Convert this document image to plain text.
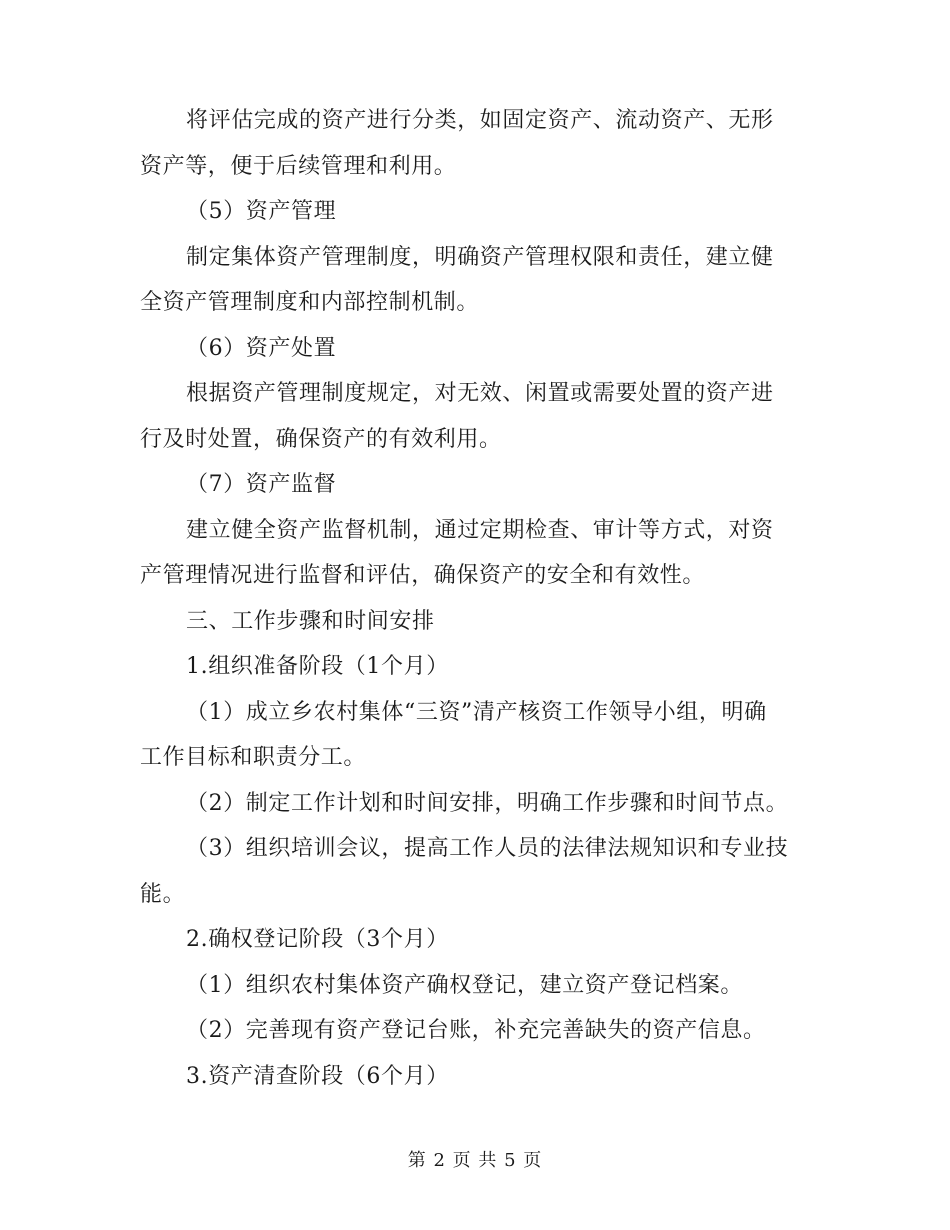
将评估完成的资产进行分类，如固定资产、流动资产、无形
资产等，便于后续管理和利用。
（5）资产管理
制定集体资产管理制度，明确资产管理权限和责任，建立健
全资产管理制度和内部控制机制。
（6）资产处置
根据资产管理制度规定，对无效、闲置或需要处置的资产进
行及时处置，确保资产的有效利用。
（7）资产监督
建立健全资产监督机制，通过定期检查、审计等方式，对资
产管理情况进行监督和评估，确保资产的安全和有效性。
三、工作步骤和时间安排
1.组织准备阶段（1个月）
（1）成立乡农村集体“三资”清产核资工作领导小组，明确
工作目标和职责分工。
（2）制定工作计划和时间安排，明确工作步骤和时间节点。
（3）组织培训会议，提高工作人员的法律法规知识和专业技
能。
2.确权登记阶段（3个月）
（1）组织农村集体资产确权登记，建立资产登记档案。
（2）完善现有资产登记台账，补充完善缺失的资产信息。
3.资产清查阶段（6个月）
第 2 页 共 5 页
